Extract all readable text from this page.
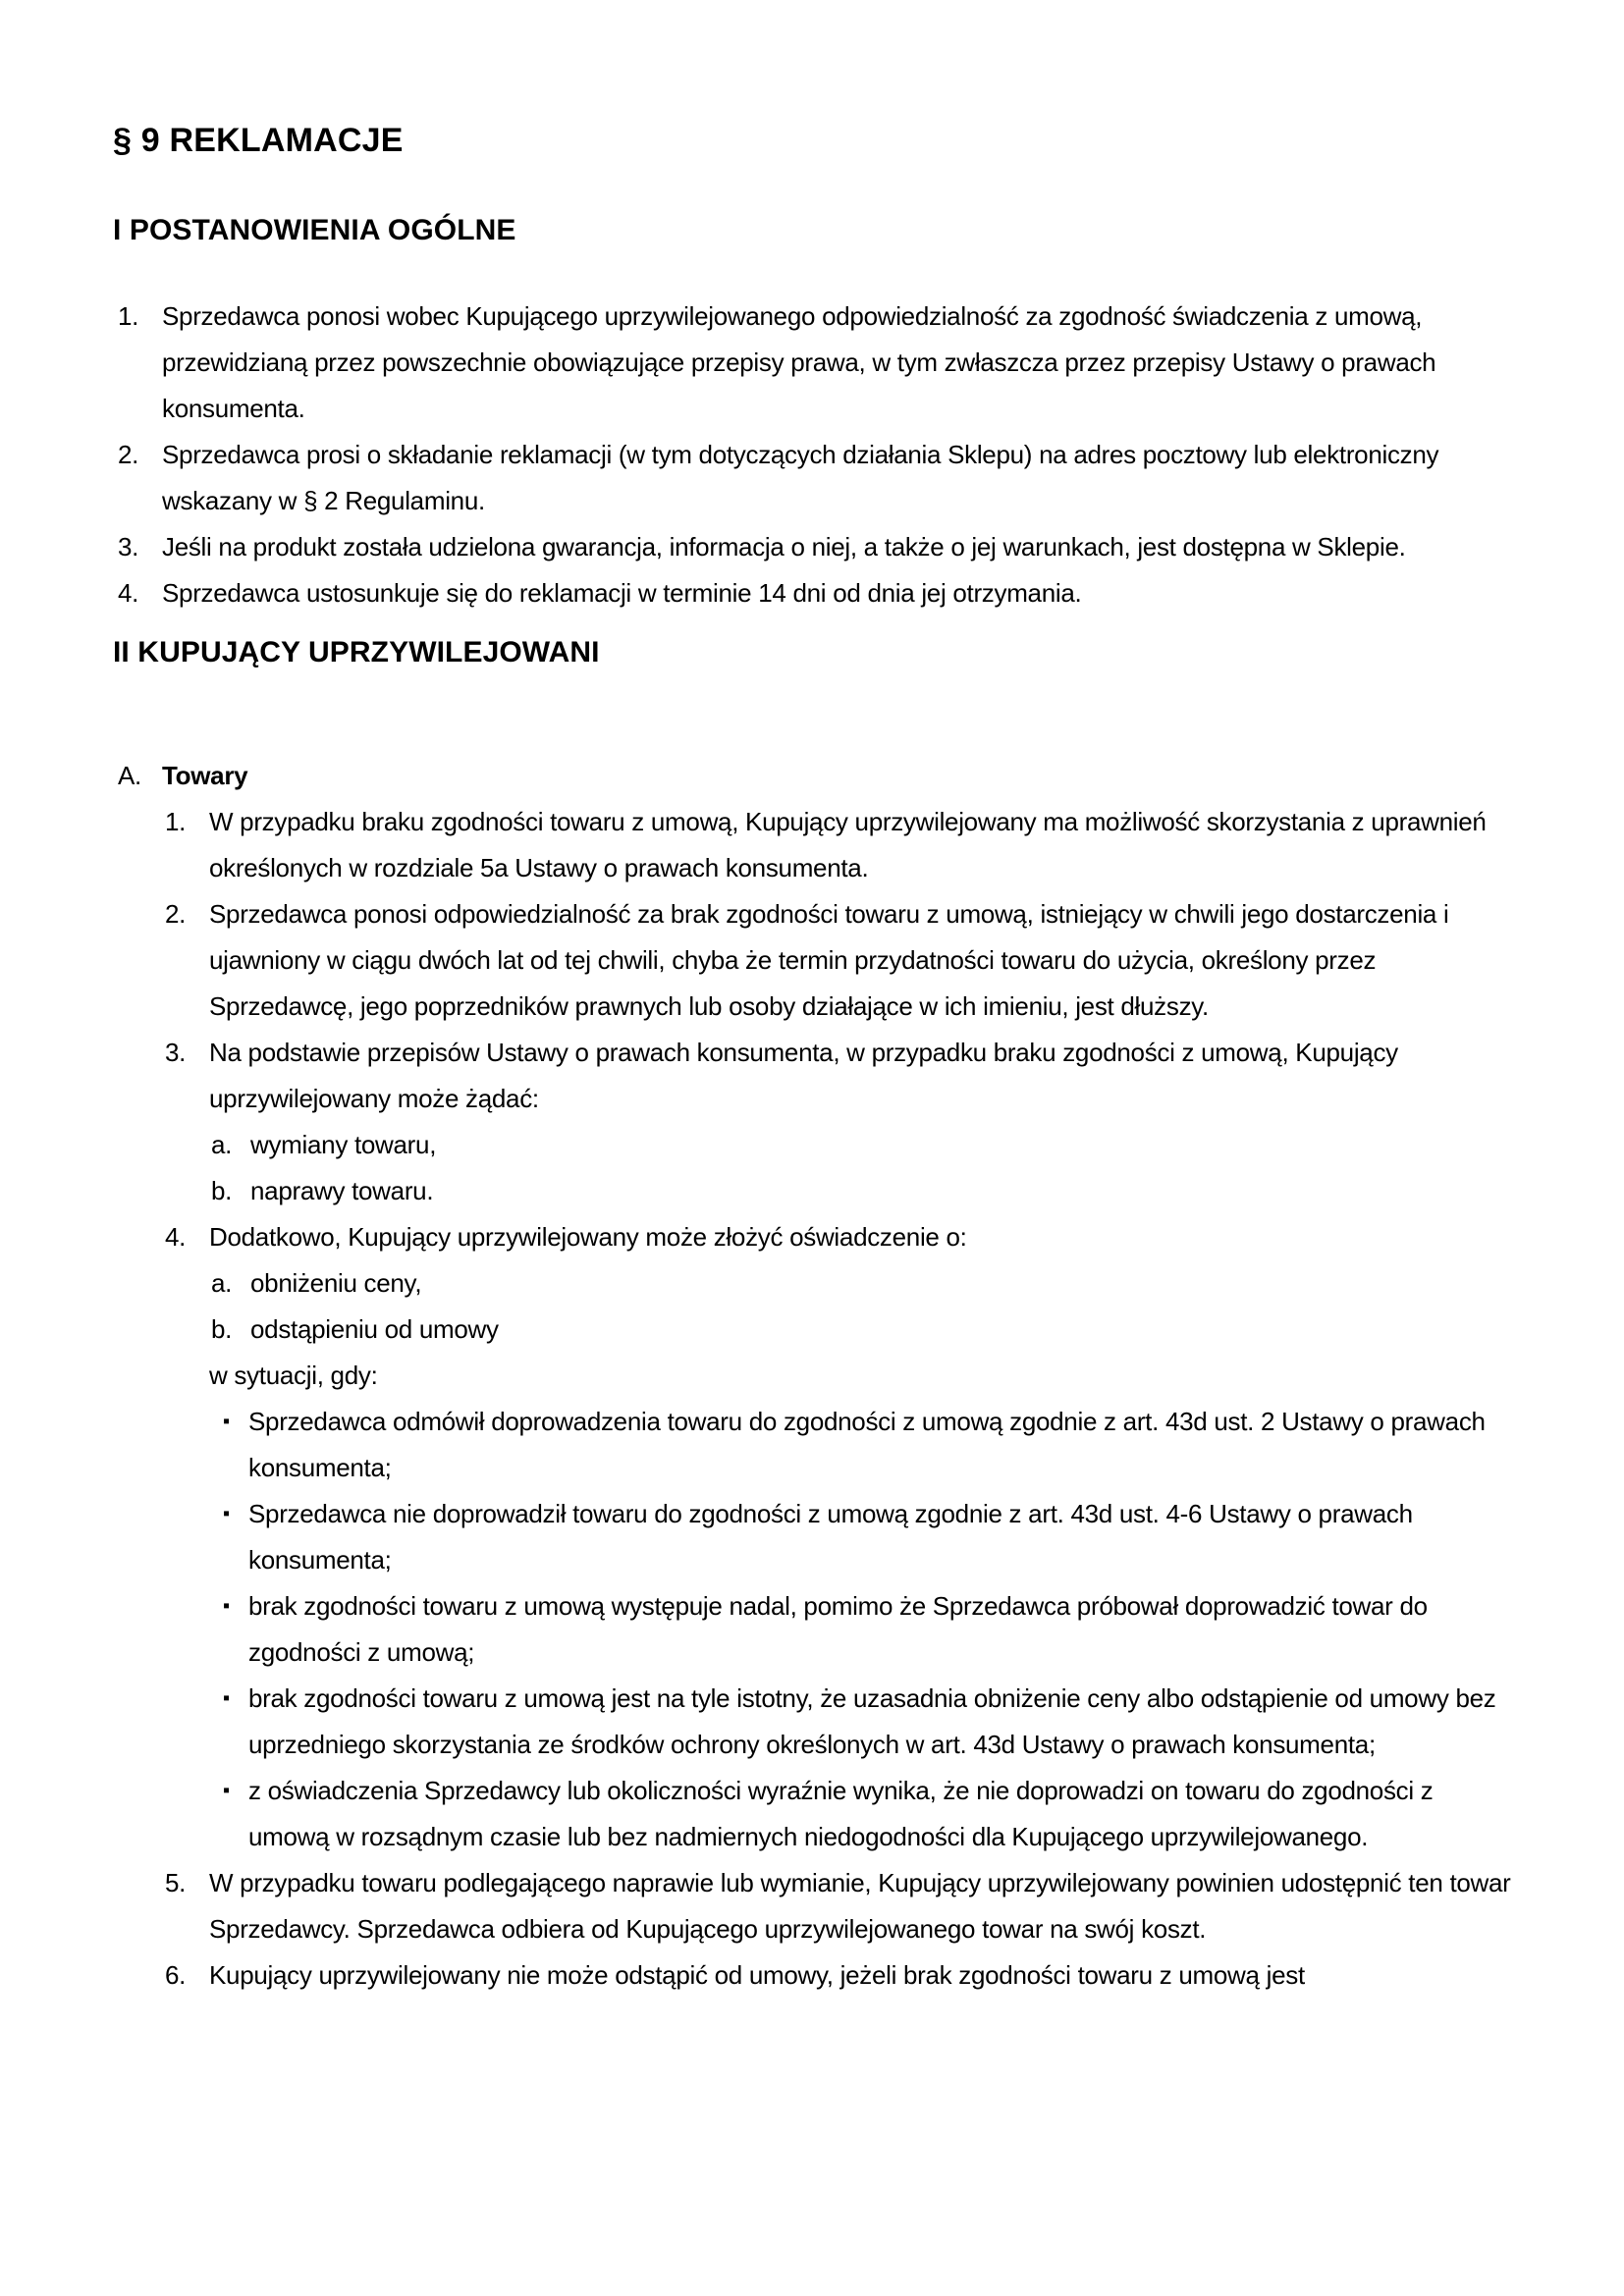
§ 9 REKLAMACJE
I POSTANOWIENIA OGÓLNE
1. Sprzedawca ponosi wobec Kupującego uprzywilejowanego odpowiedzialność za zgodność świadczenia z umową, przewidzianą przez powszechnie obowiązujące przepisy prawa, w tym zwłaszcza przez przepisy Ustawy o prawach konsumenta.
2. Sprzedawca prosi o składanie reklamacji (w tym dotyczących działania Sklepu) na adres pocztowy lub elektroniczny wskazany w § 2 Regulaminu.
3. Jeśli na produkt została udzielona gwarancja, informacja o niej, a także o jej warunkach, jest dostępna w Sklepie.
4. Sprzedawca ustosunkuje się do reklamacji w terminie 14 dni od dnia jej otrzymania.
II KUPUJĄCY UPRZYWILEJOWANI
A. Towary
1. W przypadku braku zgodności towaru z umową, Kupujący uprzywilejowany ma możliwość skorzystania z uprawnień określonych w rozdziale 5a Ustawy o prawach konsumenta.
2. Sprzedawca ponosi odpowiedzialność za brak zgodności towaru z umową, istniejący w chwili jego dostarczenia i ujawniony w ciągu dwóch lat od tej chwili, chyba że termin przydatności towaru do użycia, określony przez Sprzedawcę, jego poprzedników prawnych lub osoby działające w ich imieniu, jest dłuższy.
3. Na podstawie przepisów Ustawy o prawach konsumenta, w przypadku braku zgodności z umową, Kupujący uprzywilejowany może żądać:
a. wymiany towaru,
b. naprawy towaru.
4. Dodatkowo, Kupujący uprzywilejowany może złożyć oświadczenie o:
a. obniżeniu ceny,
b. odstąpieniu od umowy
w sytuacji, gdy:
▪ Sprzedawca odmówił doprowadzenia towaru do zgodności z umową zgodnie z art. 43d ust. 2 Ustawy o prawach konsumenta;
▪ Sprzedawca nie doprowadził towaru do zgodności z umową zgodnie z art. 43d ust. 4-6 Ustawy o prawach konsumenta;
▪ brak zgodności towaru z umową występuje nadal, pomimo że Sprzedawca próbował doprowadzić towar do zgodności z umową;
▪ brak zgodności towaru z umową jest na tyle istotny, że uzasadnia obniżenie ceny albo odstąpienie od umowy bez uprzedniego skorzystania ze środków ochrony określonych w art. 43d Ustawy o prawach konsumenta;
▪ z oświadczenia Sprzedawcy lub okoliczności wyraźnie wynika, że nie doprowadzi on towaru do zgodności z umową w rozsądnym czasie lub bez nadmiernych niedogodności dla Kupującego uprzywilejowanego.
5. W przypadku towaru podlegającego naprawie lub wymianie, Kupujący uprzywilejowany powinien udostępnić ten towar Sprzedawcy. Sprzedawca odbiera od Kupującego uprzywilejowanego towar na swój koszt.
6. Kupujący uprzywilejowany nie może odstąpić od umowy, jeżeli brak zgodności towaru z umową jest
